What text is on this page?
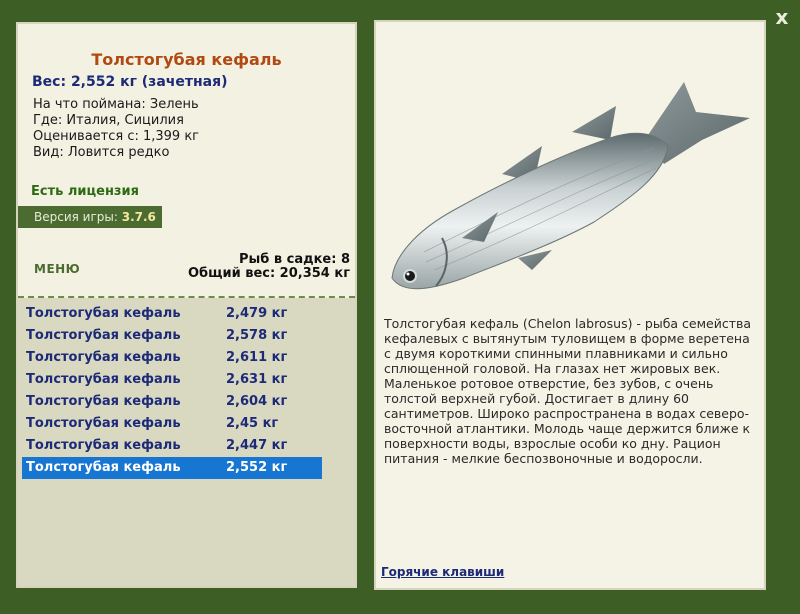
x
Толстогубая кефаль
Вес: 2,552 кг (зачетная)
На что поймана: Зелень
Где: Италия, Сицилия
Оценивается с: 1,399 кг
Вид: Ловится редко
Есть лицензия
Версия игры: 3.7.6
МЕНЮ
Рыб в садке: 8
Общий вес: 20,354 кг
Толстогубая кефаль	2,479 кг
Толстогубая кефаль	2,578 кг
Толстогубая кефаль	2,611 кг
Толстогубая кефаль	2,631 кг
Толстогубая кефаль	2,604 кг
Толстогубая кефаль	2,45 кг
Толстогубая кефаль	2,447 кг
Толстогубая кефаль	2,552 кг
Толстогубая кефаль (Chelon labrosus) - рыба семейства кефалевых с вытянутым туловищем в форме веретена с двумя короткими спинными плавниками и сильно сплющенной головой. На глазах нет жировых век. Маленькое ротовое отверстие, без зубов, с очень толстой верхней губой. Достигает в длину 60 сантиметров. Широко распространена в водах северо-восточной атлантики. Молодь чаще держится ближе к поверхности воды, взрослые особи ко дну. Рацион питания - мелкие беспозвоночные и водоросли.
Горячие клавиши
